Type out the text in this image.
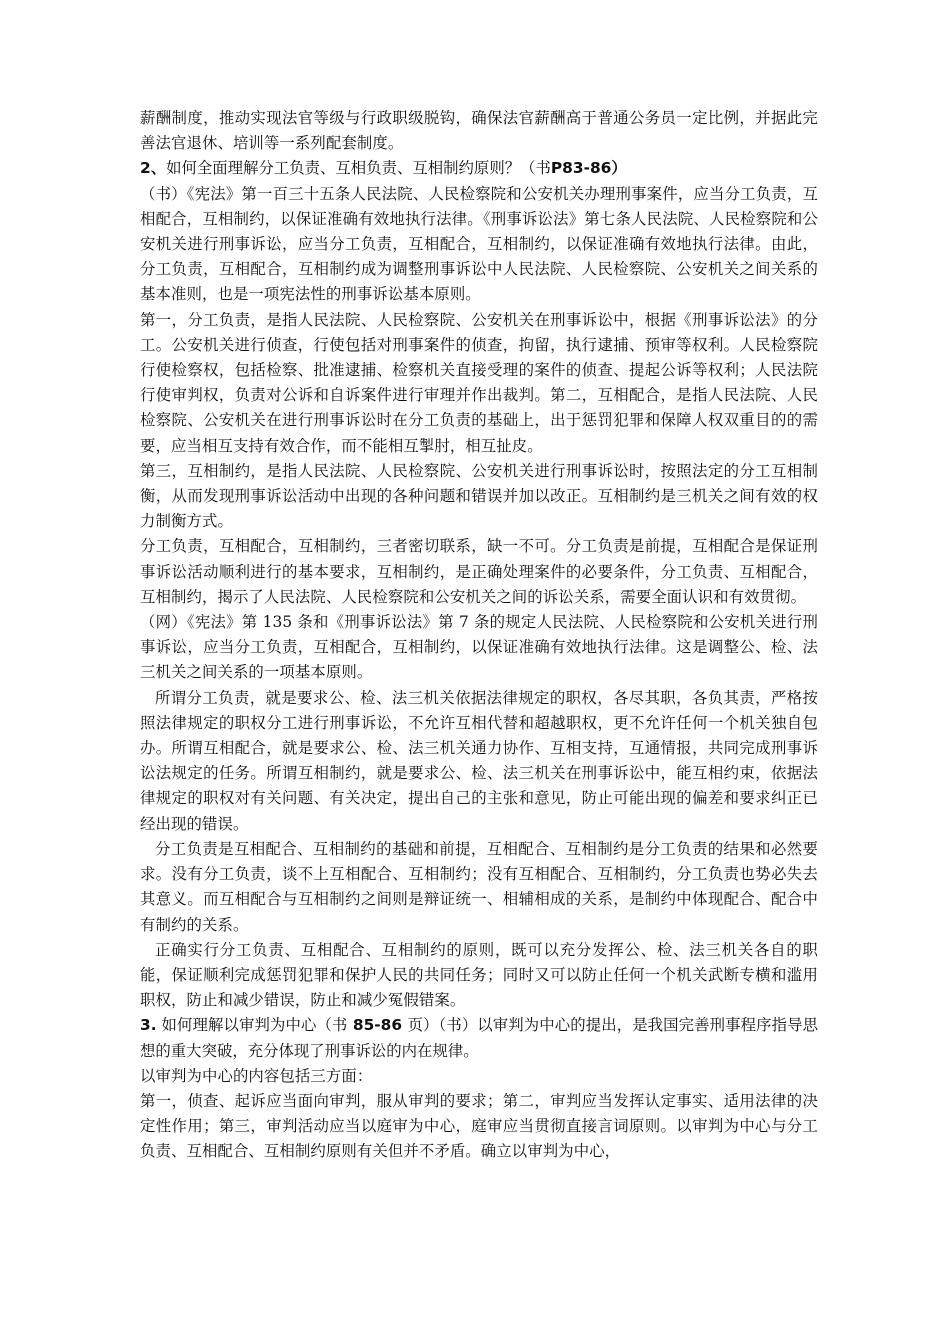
薪酬制度，推动实现法官等级与行政职级脱钩，确保法官薪酬高于普通公务员一定比例，并据此完善法官退休、培训等一系列配套制度。

2、如何全面理解分工负责、互相负责、互相制约原则？（书P83-86）

（书）《宪法》第一百三十五条人民法院、人民检察院和公安机关办理刑事案件，应当分工负责，互相配合，互相制约，以保证准确有效地执行法律。《刑事诉讼法》第七条人民法院、人民检察院和公安机关进行刑事诉讼，应当分工负责，互相配合，互相制约，以保证准确有效地执行法律。由此，分工负责，互相配合，互相制约成为调整刑事诉讼中人民法院、人民检察院、公安机关之间关系的基本准则，也是一项宪法性的刑事诉讼基本原则。

第一，分工负责，是指人民法院、人民检察院、公安机关在刑事诉讼中，根据《刑事诉讼法》的分工。公安机关进行侦查，行使包括对刑事案件的侦查，拘留，执行逮捕、预审等权利。人民检察院行使检察权，包括检察、批准逮捕、检察机关直接受理的案件的侦查、提起公诉等权利；人民法院行使审判权，负责对公诉和自诉案件进行审理并作出裁判。第二，互相配合，是指人民法院、人民检察院、公安机关在进行刑事诉讼时在分工负责的基础上，出于惩罚犯罪和保障人权双重目的的需要，应当相互支持有效合作，而不能相互掣肘，相互扯皮。

第三，互相制约，是指人民法院、人民检察院、公安机关进行刑事诉讼时，按照法定的分工互相制衡，从而发现刑事诉讼活动中出现的各种问题和错误并加以改正。互相制约是三机关之间有效的权力制衡方式。

分工负责，互相配合，互相制约，三者密切联系，缺一不可。分工负责是前提，互相配合是保证刑事诉讼活动顺利进行的基本要求，互相制约，是正确处理案件的必要条件，分工负责、互相配合，互相制约，揭示了人民法院、人民检察院和公安机关之间的诉讼关系，需要全面认识和有效贯彻。

（网）《宪法》第 135 条和《刑事诉讼法》第 7 条的规定人民法院、人民检察院和公安机关进行刑事诉讼，应当分工负责，互相配合，互相制约，以保证准确有效地执行法律。这是调整公、检、法三机关之间关系的一项基本原则。

所谓分工负责，就是要求公、检、法三机关依据法律规定的职权，各尽其职，各负其责，严格按照法律规定的职权分工进行刑事诉讼，不允许互相代替和超越职权，更不允许任何一个机关独自包办。所谓互相配合，就是要求公、检、法三机关通力协作、互相支持，互通情报，共同完成刑事诉讼法规定的任务。所谓互相制约，就是要求公、检、法三机关在刑事诉讼中，能互相约束，依据法律规定的职权对有关问题、有关决定，提出自己的主张和意见，防止可能出现的偏差和要求纠正已经出现的错误。

分工负责是互相配合、互相制约的基础和前提，互相配合、互相制约是分工负责的结果和必然要求。没有分工负责，谈不上互相配合、互相制约；没有互相配合、互相制约，分工负责也势必失去其意义。而互相配合与互相制约之间则是辩证统一、相辅相成的关系，是制约中体现配合、配合中有制约的关系。

正确实行分工负责、互相配合、互相制约的原则，既可以充分发挥公、检、法三机关各自的职能，保证顺利完成惩罚犯罪和保护人民的共同任务；同时又可以防止任何一个机关武断专横和滥用职权，防止和减少错误，防止和减少冤假错案。

3. 如何理解以审判为中心（书 85-86 页）（书）以审判为中心的提出，是我国完善刑事程序指导思想的重大突破，充分体现了刑事诉讼的内在规律。

以审判为中心的内容包括三方面：

第一，侦查、起诉应当面向审判，服从审判的要求；第二，审判应当发挥认定事实、适用法律的决定性作用；第三，审判活动应当以庭审为中心，庭审应当贯彻直接言词原则。以审判为中心与分工负责、互相配合、互相制约原则有关但并不矛盾。确立以审判为中心，
